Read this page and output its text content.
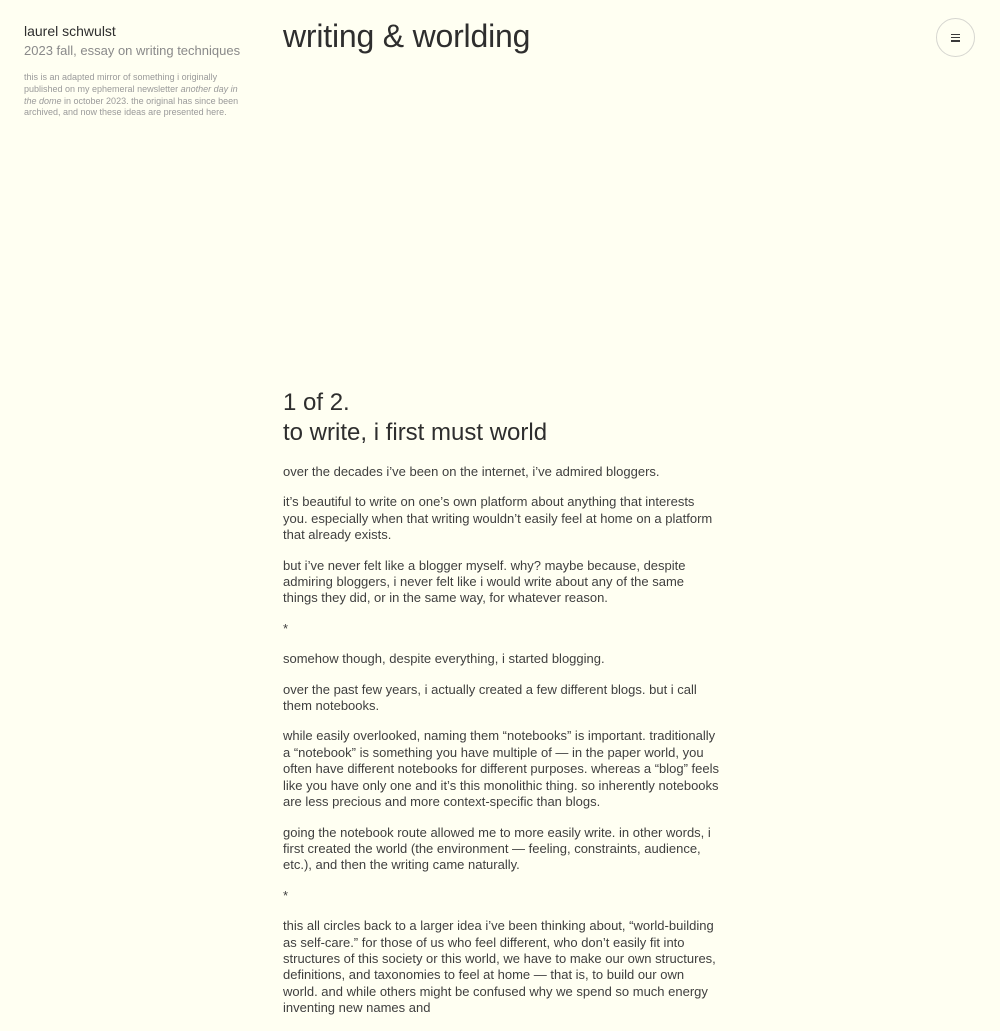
laurel schwulst

2023 fall, essay on writing techniques

this is an adapted mirror of something i originally published on my ephemeral newsletter another day in the dome in october 2023. the original has since been archived, and now these ideas are presented here.
writing & worlding
1 of 2.
to write, i first must world

over the decades i’ve been on the internet, i’ve admired bloggers.

it’s beautiful to write on one’s own platform about anything that interests you. especially when that writing wouldn’t easily feel at home on a platform that already exists.

but i’ve never felt like a blogger myself. why? maybe because, despite admiring bloggers, i never felt like i would write about any of the same things they did, or in the same way, for whatever reason.

*

somehow though, despite everything, i started blogging.

over the past few years, i actually created a few different blogs. but i call them notebooks.

while easily overlooked, naming them “notebooks” is important. traditionally a “notebook” is something you have multiple of — in the paper world, you often have different notebooks for different purposes. whereas a “blog” feels like you have only one and it’s this monolithic thing. so inherently notebooks are less precious and more context-specific than blogs.

going the notebook route allowed me to more easily write. in other words, i first created the world (the environment — feeling, constraints, audience, etc.), and then the writing came naturally.

*

this all circles back to a larger idea i’ve been thinking about, “world-building as self-care.” for those of us who feel different, who don’t easily fit into structures of this society or this world, we have to make our own structures, definitions, and taxonomies to feel at home — that is, to build our own world. and while others might be confused why we spend so much energy inventing new names and
